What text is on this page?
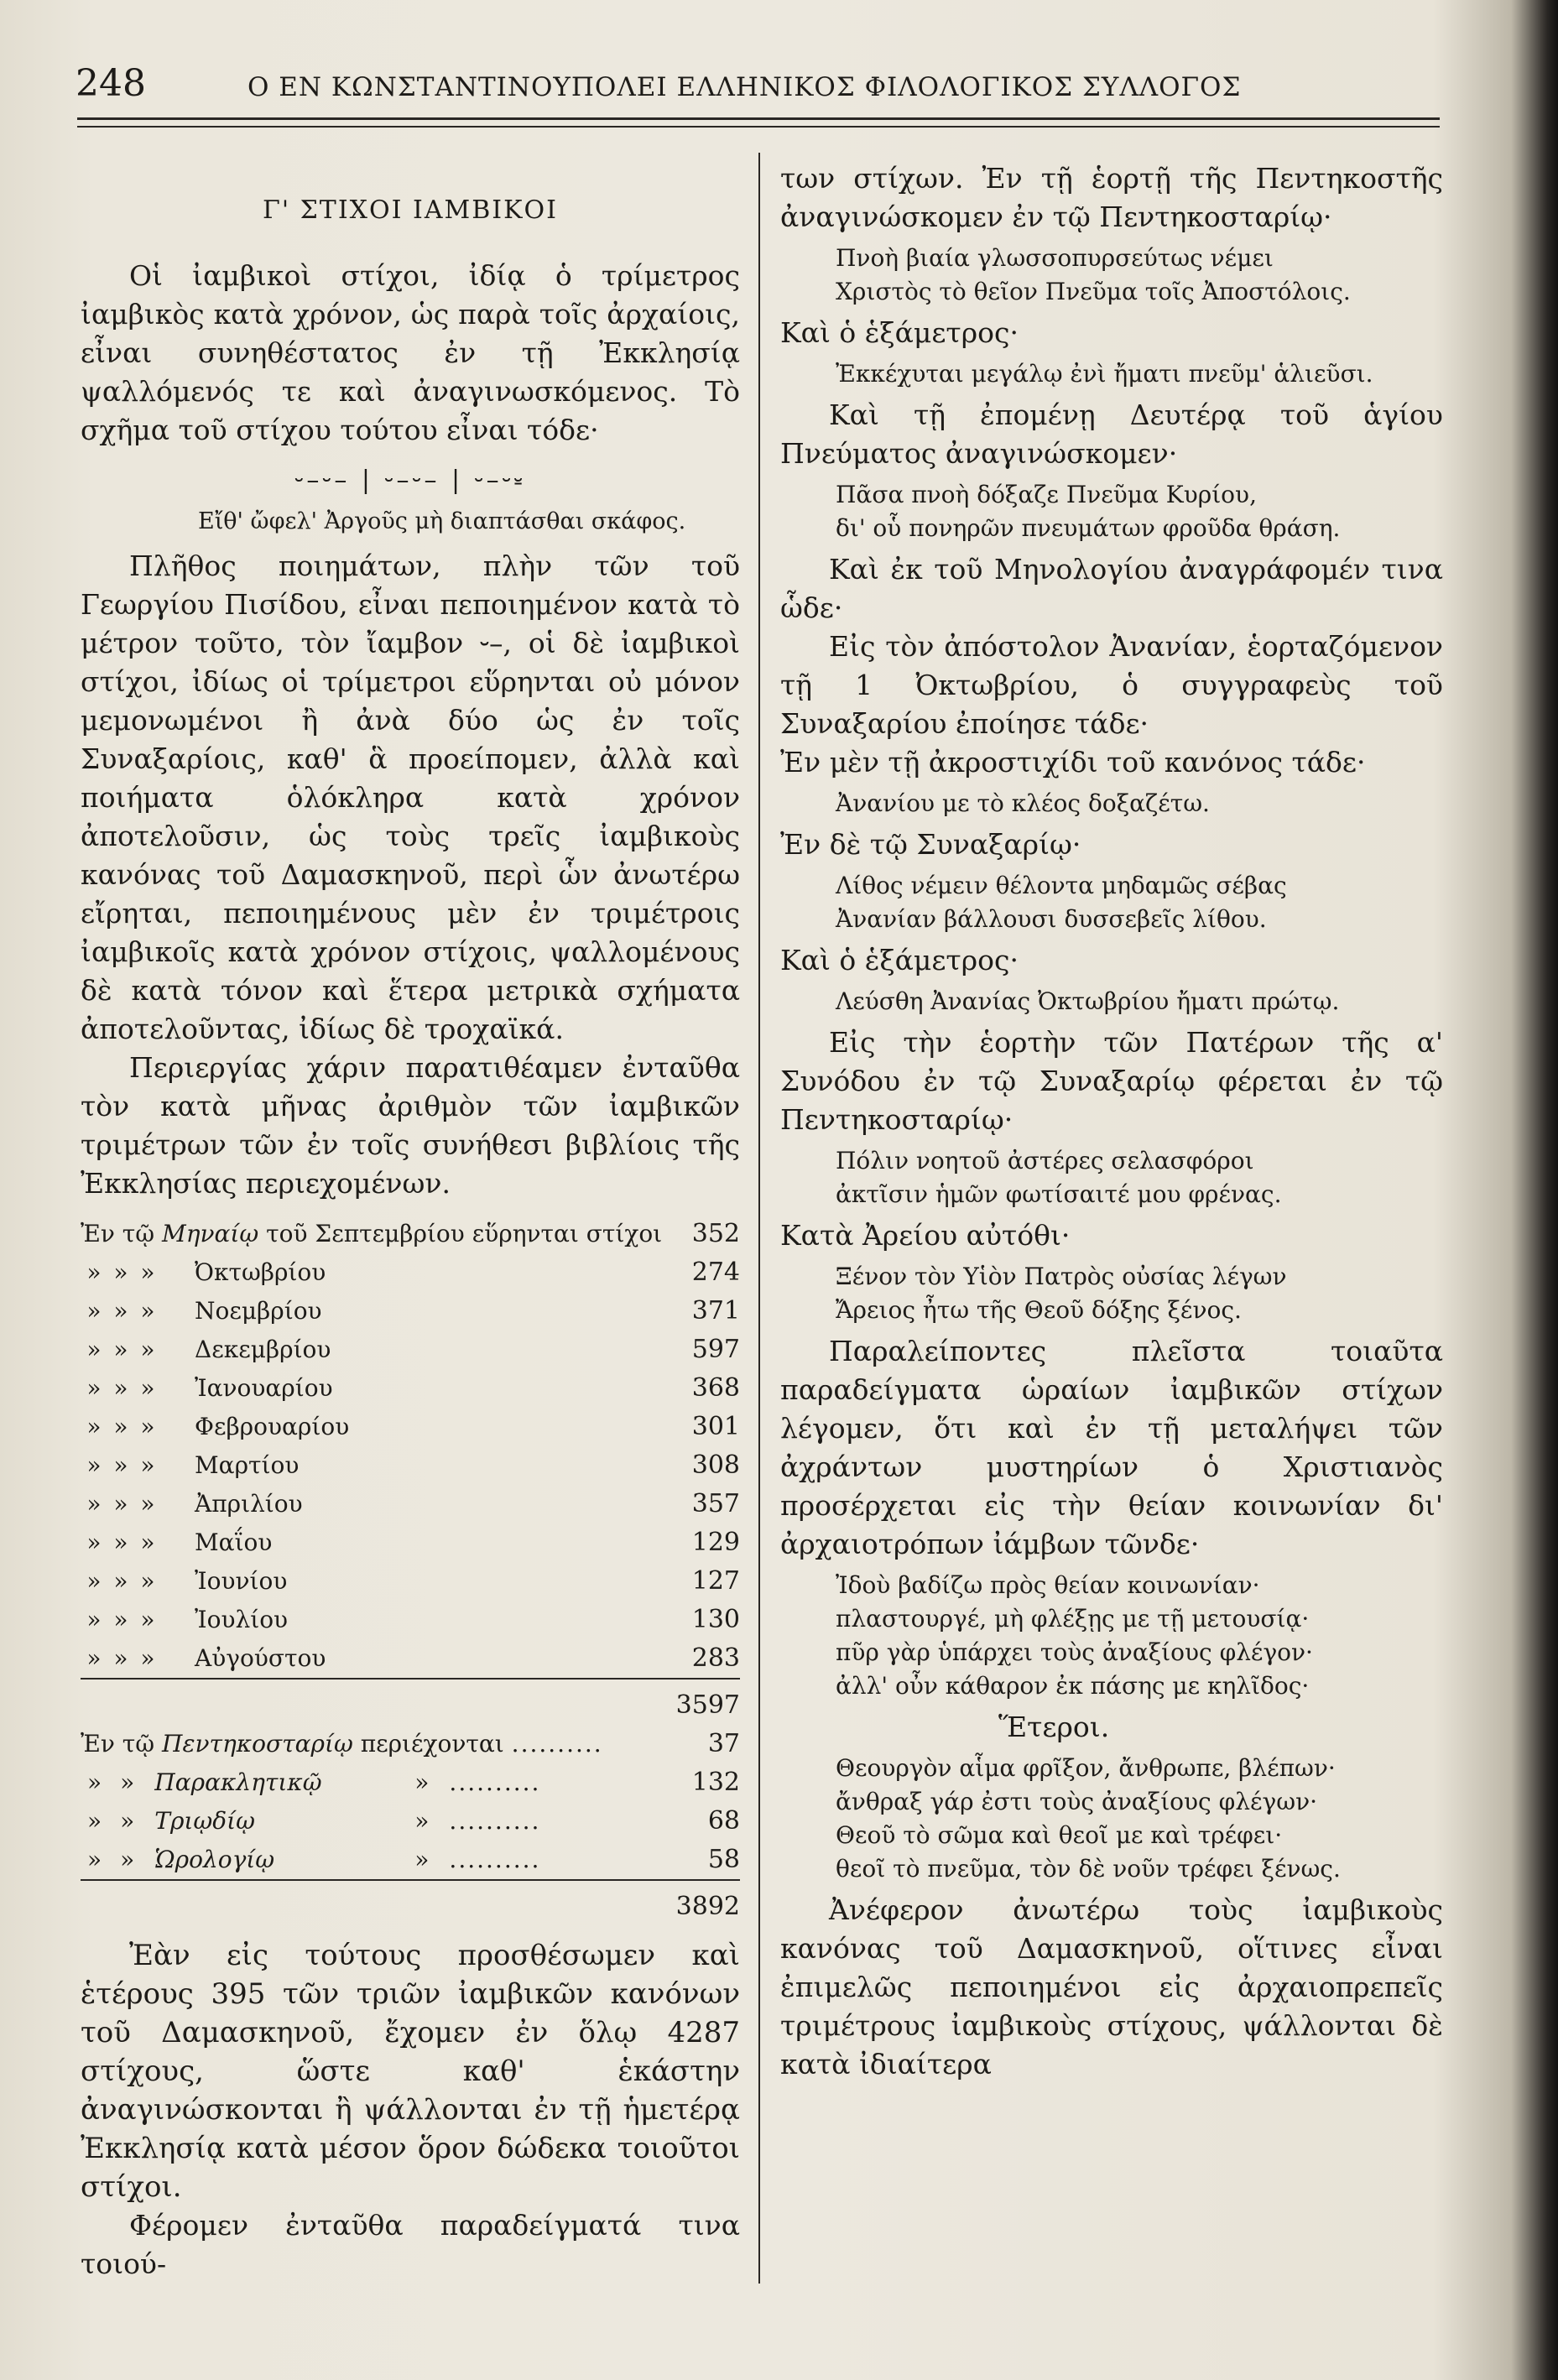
248	Ο ΕΝ ΚΩΝΣΤΑΝΤΙΝΟΥΠΟΛΕΙ ΕΛΛΗΝΙΚΟΣ ΦΙΛΟΛΟΓΙΚΟΣ ΣΥΛΛΟΓΟΣ
Γ' ΣΤΙΧΟΙ ΙΑΜΒΙΚΟΙ

Οἱ ἰαμβικοὶ στίχοι, ἰδίᾳ ὁ τρίμετρος ἰαμβικὸς κατὰ χρόνον, ὡς παρὰ τοῖς ἀρχαίοις, εἶναι συνηθέστατος ἐν τῇ Ἐκκλησίᾳ ψαλλόμενός τε καὶ ἀναγινωσκόμενος. Τὸ σχῆμα τοῦ στίχου τούτου εἶναι τόδε·

⏑–⏑– | ⏑–⏑– | ⏑–⏑⏓
Εἴθ' ὤφελ' Ἀργοῦς μὴ διαπτάσθαι σκάφος.

Πλῆθος ποιημάτων, πλὴν τῶν τοῦ Γεωργίου Πισίδου, εἶναι πεποιημένον κατὰ τὸ μέτρον τοῦτο, τὸν ἴαμβον ⏑–, οἱ δὲ ἰαμβικοὶ στίχοι, ἰδίως οἱ τρίμετροι εὕρηνται οὐ μόνον μεμονωμένοι ἢ ἀνὰ δύο ὡς ἐν τοῖς Συναξαρίοις, καθ' ἃ προείπομεν, ἀλλὰ καὶ ποιήματα ὁλόκληρα κατὰ χρόνον ἀποτελοῦσιν, ὡς τοὺς τρεῖς ἰαμβικοὺς κανόνας τοῦ Δαμασκηνοῦ, περὶ ὧν ἀνωτέρω εἴρηται, πεποιημένους μὲν ἐν τριμέτροις ἰαμβικοῖς κατὰ χρόνον στίχοις, ψαλλομένους δὲ κατὰ τόνον καὶ ἕτερα μετρικὰ σχήματα ἀποτελοῦντας, ἰδίως δὲ τροχαϊκά.

Περιεργίας χάριν παρατιθέαμεν ἐνταῦθα τὸν κατὰ μῆνας ἀριθμὸν τῶν ἰαμβικῶν τριμέτρων τῶν ἐν τοῖς συνήθεσι βιβλίοις τῆς Ἐκκλησίας περιεχομένων.

Ἐν τῷ Μηναίῳ τοῦ Σεπτεμβρίου εὕρηνται στίχοι				352
»	»	»	Ὀκτωβρίου	274
»	»	»	Νοεμβρίου	371
»	»	»	Δεκεμβρίου	597
»	»	»	Ἰανουαρίου	368
»	»	»	Φεβρουαρίου	301
»	»	»	Μαρτίου	308
»	»	»	Ἀπριλίου	357
»	»	»	Μαΐου	129
»	»	»	Ἰουνίου	127
»	»	»	Ἰουλίου	130
»	»	»	Αὐγούστου	283
				3597
Ἐν τῷ Πεντηκοσταρίῳ περιέχονται ..........				37
» » Παρακλητικῷ » ..........				132
» » Τριῳδίῳ » ..........				68
» » Ὡρολογίῳ » ..........				58
				3892

Ἐὰν εἰς τούτους προσθέσωμεν καὶ ἑτέρους 395 τῶν τριῶν ἰαμβικῶν κανόνων τοῦ Δαμασκηνοῦ, ἔχομεν ἐν ὅλῳ 4287 στίχους, ὥστε καθ' ἑκάστην ἀναγινώσκονται ἢ ψάλλονται ἐν τῇ ἡμετέρᾳ Ἐκκλησίᾳ κατὰ μέσον ὅρον δώδεκα τοιοῦτοι στίχοι.

Φέρομεν ἐνταῦθα παραδείγματά τινα τοιού-

των στίχων. Ἐν τῇ ἑορτῇ τῆς Πεντηκοστῆς ἀναγινώσκομεν ἐν τῷ Πεντηκοσταρίῳ·

Πνοὴ βιαία γλωσσοπυρσεύτως νέμει
Χριστὸς τὸ θεῖον Πνεῦμα τοῖς Ἀποστόλοις.

Καὶ ὁ ἑξάμετρος·

Ἐκκέχυται μεγάλῳ ἐνὶ ἤματι πνεῦμ' ἁλιεῦσι.

Καὶ τῇ ἐπομένῃ Δευτέρᾳ τοῦ ἁγίου Πνεύματος ἀναγινώσκομεν·

Πᾶσα πνοὴ δόξαζε Πνεῦμα Κυρίου,
δι' οὗ πονηρῶν πνευμάτων φροῦδα θράση.

Καὶ ἐκ τοῦ Μηνολογίου ἀναγράφομέν τινα ὧδε·

Εἰς τὸν ἀπόστολον Ἀνανίαν, ἑορταζόμενον τῇ 1 Ὀκτωβρίου, ὁ συγγραφεὺς τοῦ Συναξαρίου ἐποίησε τάδε·

Ἐν μὲν τῇ ἀκροστιχίδι τοῦ κανόνος τάδε·

Ἀνανίου με τὸ κλέος δοξαζέτω.

Ἐν δὲ τῷ Συναξαρίῳ·

Λίθος νέμειν θέλοντα μηδαμῶς σέβας
Ἀνανίαν βάλλουσι δυσσεβεῖς λίθου.

Καὶ ὁ ἑξάμετρος·

Λεύσθη Ἀνανίας Ὀκτωβρίου ἤματι πρώτῳ.

Εἰς τὴν ἑορτὴν τῶν Πατέρων τῆς α' Συνόδου ἐν τῷ Συναξαρίῳ φέρεται ἐν τῷ Πεντηκοσταρίῳ·

Πόλιν νοητοῦ ἀστέρες σελασφόροι
ἀκτῖσιν ἡμῶν φωτίσαιτέ μου φρένας.

Κατὰ Ἀρείου αὐτόθι·

Ξένον τὸν Υἱὸν Πατρὸς οὐσίας λέγων
Ἄρειος ἦτω τῆς Θεοῦ δόξης ξένος.

Παραλείποντες πλεῖστα τοιαῦτα παραδείγματα ὡραίων ἰαμβικῶν στίχων λέγομεν, ὅτι καὶ ἐν τῇ μεταλήψει τῶν ἀχράντων μυστηρίων ὁ Χριστιανὸς προσέρχεται εἰς τὴν θείαν κοινωνίαν δι' ἀρχαιοτρόπων ἰάμβων τῶνδε·

Ἰδοὺ βαδίζω πρὸς θείαν κοινωνίαν·
πλαστουργέ, μὴ φλέξῃς με τῇ μετουσίᾳ·
πῦρ γὰρ ὑπάρχει τοὺς ἀναξίους φλέγον·
ἀλλ' οὖν κάθαρον ἐκ πάσης με κηλῖδος·

Ἕτεροι.

Θεουργὸν αἷμα φρῖξον, ἄνθρωπε, βλέπων·
ἄνθραξ γάρ ἐστι τοὺς ἀναξίους φλέγων·
Θεοῦ τὸ σῶμα καὶ θεοῖ με καὶ τρέφει·
θεοῖ τὸ πνεῦμα, τὸν δὲ νοῦν τρέφει ξένως.

Ἀνέφερον ἀνωτέρω τοὺς ἰαμβικοὺς κανόνας τοῦ Δαμασκηνοῦ, οἵτινες εἶναι ἐπιμελῶς πεποιημένοι εἰς ἀρχαιοπρεπεῖς τριμέτρους ἰαμβικοὺς στίχους, ψάλλονται δὲ κατὰ ἰδιαίτερα
